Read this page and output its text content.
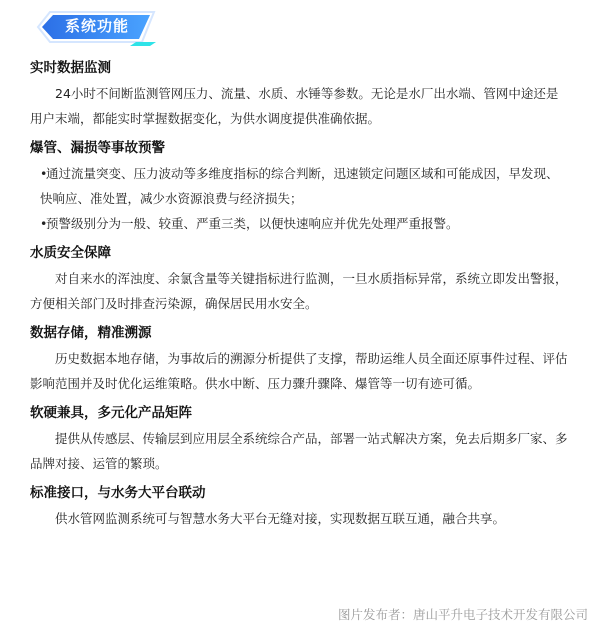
系统功能
实时数据监测
24小时不间断监测管网压力、流量、水质、水锤等参数。无论是水厂出水端、管网中途还是用户末端，都能实时掌握数据变化，为供水调度提供准确依据。
爆管、漏损等事故预警
• 通过流量突变、压力波动等多维度指标的综合判断，迅速锁定问题区域和可能成因，早发现、快响应、准处置，减少水资源浪费与经济损失；
• 预警级别分为一般、较重、严重三类，以便快速响应并优先处理严重报警。
水质安全保障
对自来水的浑浊度、余氯含量等关键指标进行监测，一旦水质指标异常，系统立即发出警报，方便相关部门及时排查污染源，确保居民用水安全。
数据存储，精准溯源
历史数据本地存储，为事故后的溯源分析提供了支撑，帮助运维人员全面还原事件过程、评估影响范围并及时优化运维策略。供水中断、压力骤升骤降、爆管等一切有迹可循。
软硬兼具，多元化产品矩阵
提供从传感层、传输层到应用层全系统综合产品，部署一站式解决方案，免去后期多厂家、多品牌对接、运管的繁琐。
标准接口，与水务大平台联动
供水管网监测系统可与智慧水务大平台无缝对接，实现数据互联互通，融合共享。
图片发布者：唐山平升电子技术开发有限公司
